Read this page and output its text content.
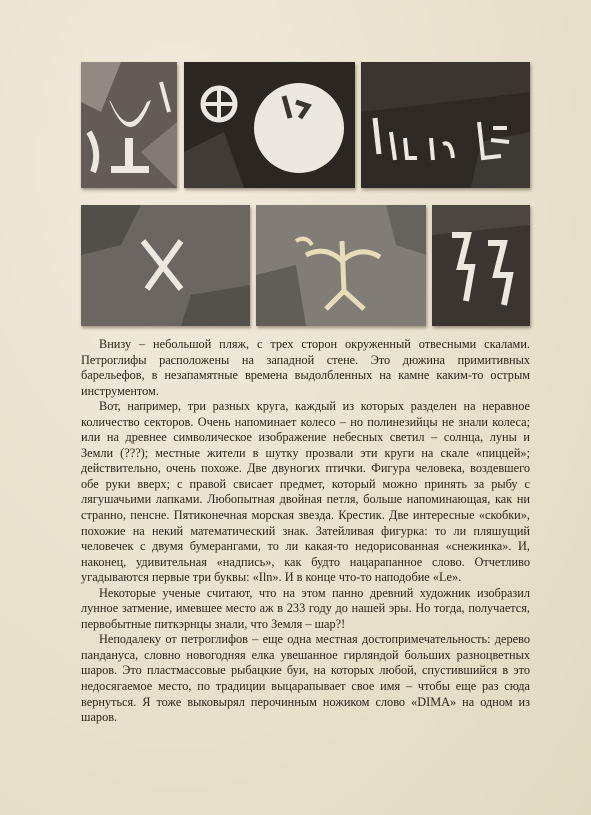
Внизу – небольшой пляж, с трех сторон окруженный отвесными скалами. Петроглифы расположены на западной стене. Это дюжина примитивных барельефов, в незапамятные времена выдолбленных на камне каким-то острым инструментом.

Вот, например, три разных круга, каждый из которых разделен на неравное количество секторов. Очень напоминает колесо – но полинезийцы не знали колеса; или на древнее символическое изображение небесных светил – солнца, луны и Земли (???); местные жители в шутку прозвали эти круги на скале «пиццей»; действительно, очень похоже. Две двуногих птички. Фигура человека, воздевшего обе руки вверх; с правой свисает предмет, который можно принять за рыбу с лягушачьими лапками. Любопытная двойная петля, больше напоминающая, как ни странно, пенсне. Пятиконечная морская звезда. Крестик. Две интересные «скобки», похожие на некий математический знак. Затейливая фигурка: то ли пляшущий человечек с двумя бумерангами, то ли какая-то недорисованная «снежинка». И, наконец, удивительная «надпись», как будто нацарапанное слово. Отчетливо угадываются первые три буквы: «Iln». И в конце что-то наподобие «Le».

Некоторые ученые считают, что на этом панно древний художник изобразил лунное затмение, имевшее место аж в 233 году до нашей эры. Но тогда, получается, первобытные питкэрнцы знали, что Земля – шар?!

Неподалеку от петроглифов – еще одна местная достопримечательность: дерево пандануса, словно новогодняя елка увешанное гирляндой больших разноцветных шаров. Это пластмассовые рыбацкие буи, на которых любой, спустившийся в это недосягаемое место, по традиции выцарапывает свое имя – чтобы еще раз сюда вернуться. Я тоже выковырял перочинным ножиком слово «DIMA» на одном из шаров.
